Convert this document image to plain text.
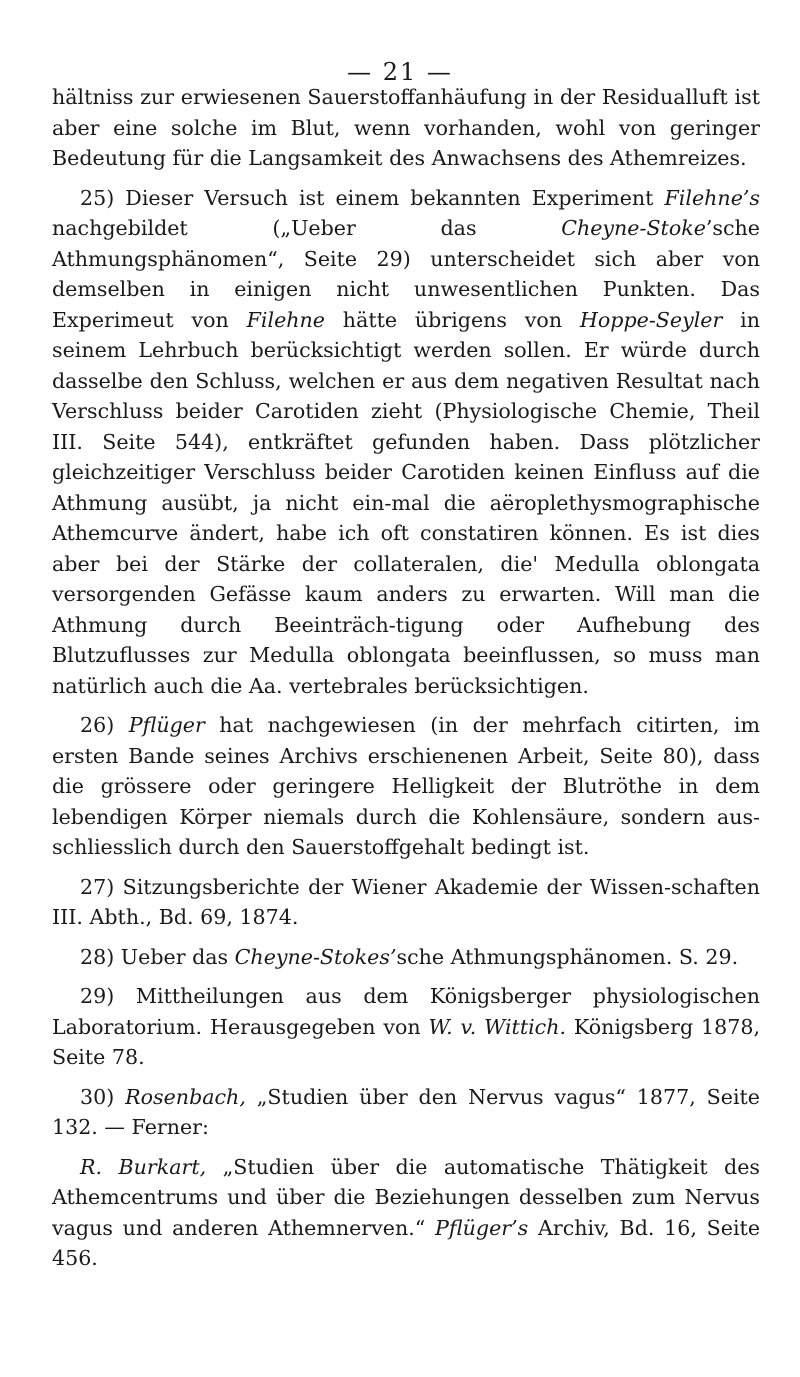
— 21 —

hältniss zur erwiesenen Sauerstoffanhäufung in der Residualluft ist aber eine solche im Blut, wenn vorhanden, wohl von geringer Bedeutung für die Langsamkeit des Anwachsens des Athemreizes.

25) Dieser Versuch ist einem bekannten Experiment Filehne’s nachgebildet („Ueber das Cheyne-Stoke’sche Athmungsphänomen“, Seite 29) unterscheidet sich aber von demselben in einigen nicht unwesentlichen Punkten. Das Experimeut von Filehne hätte übrigens von Hoppe-Seyler in seinem Lehrbuch berücksichtigt werden sollen. Er würde durch dasselbe den Schluss, welchen er aus dem negativen Resultat nach Verschluss beider Carotiden zieht (Physiologische Chemie, Theil III. Seite 544), entkräftet gefunden haben. Dass plötzlicher gleichzeitiger Verschluss beider Carotiden keinen Einfluss auf die Athmung ausübt, ja nicht ein-mal die aëroplethysmographische Athemcurve ändert, habe ich oft constatiren können. Es ist dies aber bei der Stärke der collateralen, die' Medulla oblongata versorgenden Gefässe kaum anders zu erwarten. Will man die Athmung durch Beeinträch-tigung oder Aufhebung des Blutzuflusses zur Medulla oblongata beeinflussen, so muss man natürlich auch die Aa. vertebrales berücksichtigen.

26) Pflüger hat nachgewiesen (in der mehrfach citirten, im ersten Bande seines Archivs erschienenen Arbeit, Seite 80), dass die grössere oder geringere Helligkeit der Blutröthe in dem lebendigen Körper niemals durch die Kohlensäure, sondern aus-schliesslich durch den Sauerstoffgehalt bedingt ist.

27) Sitzungsberichte der Wiener Akademie der Wissen-schaften III. Abth., Bd. 69, 1874.

28) Ueber das Cheyne-Stokes’sche Athmungsphänomen. S. 29.

29) Mittheilungen aus dem Königsberger physiologischen Laboratorium. Herausgegeben von W. v. Wittich. Königsberg 1878, Seite 78.

30) Rosenbach, „Studien über den Nervus vagus“ 1877, Seite 132. — Ferner:

R. Burkart, „Studien über die automatische Thätigkeit des Athemcentrums und über die Beziehungen desselben zum Nervus vagus und anderen Athemnerven.“ Pflüger’s Archiv, Bd. 16, Seite 456.
